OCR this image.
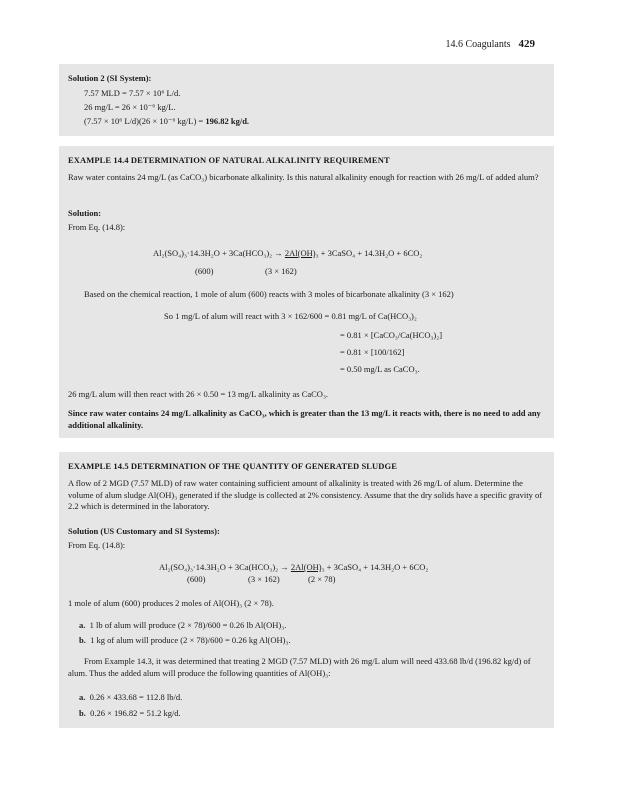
14.6 Coagulants 429
Solution 2 (SI System):
7.57 MLD = 7.57 × 10⁶ L/d.
26 mg/L = 26 × 10⁻⁶ kg/L.
(7.57 × 10⁶ L/d)(26 × 10⁻⁶ kg/L) = 196.82 kg/d.
EXAMPLE 14.4 DETERMINATION OF NATURAL ALKALINITY REQUIREMENT
Raw water contains 24 mg/L (as CaCO₃) bicarbonate alkalinity. Is this natural alkalinity enough for reaction with 26 mg/L of added alum?
Solution:
From Eq. (14.8):
Al₂(SO₄)₃·14.3H₂O + 3Ca(HCO₃)₂ → 2Al(OH)₃ + 3CaSO₄ + 14.3H₂O + 6CO₂
(600)	(3 × 162)
Based on the chemical reaction, 1 mole of alum (600) reacts with 3 moles of bicarbonate alkalinity (3 × 162)
So 1 mg/L of alum will react with 3 × 162/600 = 0.81 mg/L of Ca(HCO₃)₂
= 0.81 × [CaCO₃/Ca(HCO₃)₂]
= 0.81 × [100/162]
= 0.50 mg/L as CaCO₃.
26 mg/L alum will then react with 26 × 0.50 = 13 mg/L alkalinity as CaCO₃.
Since raw water contains 24 mg/L alkalinity as CaCO₃, which is greater than the 13 mg/L it reacts with, there is no need to add any additional alkalinity.
EXAMPLE 14.5 DETERMINATION OF THE QUANTITY OF GENERATED SLUDGE
A flow of 2 MGD (7.57 MLD) of raw water containing sufficient amount of alkalinity is treated with 26 mg/L of alum. Determine the volume of alum sludge Al(OH)₃ generated if the sludge is collected at 2% consistency. Assume that the dry solids have a specific gravity of 2.2 which is determined in the laboratory.
Solution (US Customary and SI Systems):
From Eq. (14.8):
Al₂(SO₄)₃·14.3H₂O + 3Ca(HCO₃)₂ → 2Al(OH)₃ + 3CaSO₄ + 14.3H₂O + 6CO₂
(600)	(3 × 162)	(2 × 78)
1 mole of alum (600) produces 2 moles of Al(OH)₃ (2 × 78).
a. 1 lb of alum will produce (2 × 78)/600 = 0.26 lb Al(OH)₃.
b. 1 kg of alum will produce (2 × 78)/600 = 0.26 kg Al(OH)₃.
From Example 14.3, it was determined that treating 2 MGD (7.57 MLD) with 26 mg/L alum will need 433.68 lb/d (196.82 kg/d) of alum. Thus the added alum will produce the following quantities of Al(OH)₃:
a. 0.26 × 433.68 = 112.8 lb/d.
b. 0.26 × 196.82 = 51.2 kg/d.
